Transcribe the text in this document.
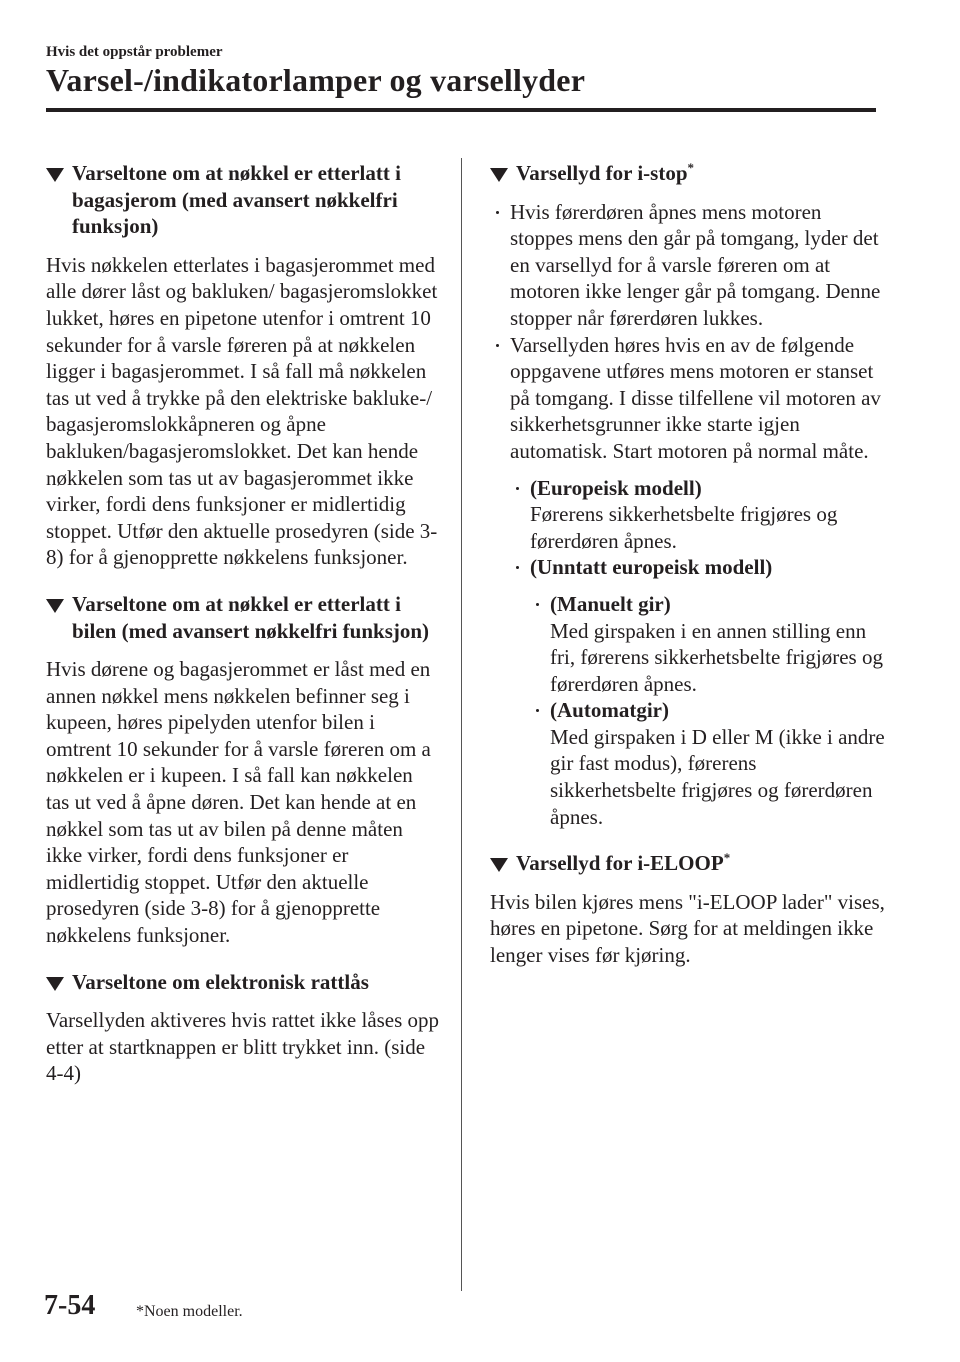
Hvis det oppstår problemer
Varsel-/indikatorlamper og varsellyder
Varseltone om at nøkkel er etterlatt i bagasjerom (med avansert nøkkelfri funksjon)

Hvis nøkkelen etterlates i bagasjerommet med alle dører låst og bakluken/ bagasjeromslokket lukket, høres en pipetone utenfor i omtrent 10 sekunder for å varsle føreren på at nøkkelen ligger i bagasjerommet. I så fall må nøkkelen tas ut ved å trykke på den elektriske bakluke-/ bagasjeromslokkåpneren og åpne bakluken/bagasjeromslokket. Det kan hende nøkkelen som tas ut av bagasjerommet ikke virker, fordi dens funksjoner er midlertidig stoppet. Utfør den aktuelle prosedyren (side 3-8) for å gjenopprette nøkkelens funksjoner.

Varseltone om at nøkkel er etterlatt i bilen (med avansert nøkkelfri funksjon)

Hvis dørene og bagasjerommet er låst med en annen nøkkel mens nøkkelen befinner seg i kupeen, høres pipelyden utenfor bilen i omtrent 10 sekunder for å varsle føreren om a nøkkelen er i kupeen. I så fall kan nøkkelen tas ut ved å åpne døren. Det kan hende at en nøkkel som tas ut av bilen på denne måten ikke virker, fordi dens funksjoner er midlertidig stoppet. Utfør den aktuelle prosedyren (side 3-8) for å gjenopprette nøkkelens funksjoner.

Varseltone om elektronisk rattlås

Varsellyden aktiveres hvis rattet ikke låses opp etter at startknappen er blitt trykket inn. (side 4-4)

Varsellyd for i-stop*
Hvis førerdøren åpnes mens motoren stoppes mens den går på tomgang, lyder det en varsellyd for å varsle føreren om at motoren ikke lenger går på tomgang. Denne stopper når førerdøren lukkes.
Varsellyden høres hvis en av de følgende oppgavene utføres mens motoren er stanset på tomgang. I disse tilfellene vil motoren av sikkerhetsgrunner ikke starte igjen automatisk. Start motoren på normal måte.
(Europeisk modell)
Førerens sikkerhetsbelte frigjøres og førerdøren åpnes.
(Unntatt europeisk modell)
(Manuelt gir)
Med girspaken i en annen stilling enn fri, førerens sikkerhetsbelte frigjøres og førerdøren åpnes.
(Automatgir)
Med girspaken i D eller M (ikke i andre gir fast modus), førerens sikkerhetsbelte frigjøres og førerdøren åpnes.
Varsellyd for i-ELOOP*

Hvis bilen kjøres mens "i-ELOOP lader" vises, høres en pipetone. Sørg for at meldingen ikke lenger vises før kjøring.

7-54	*Noen modeller.
